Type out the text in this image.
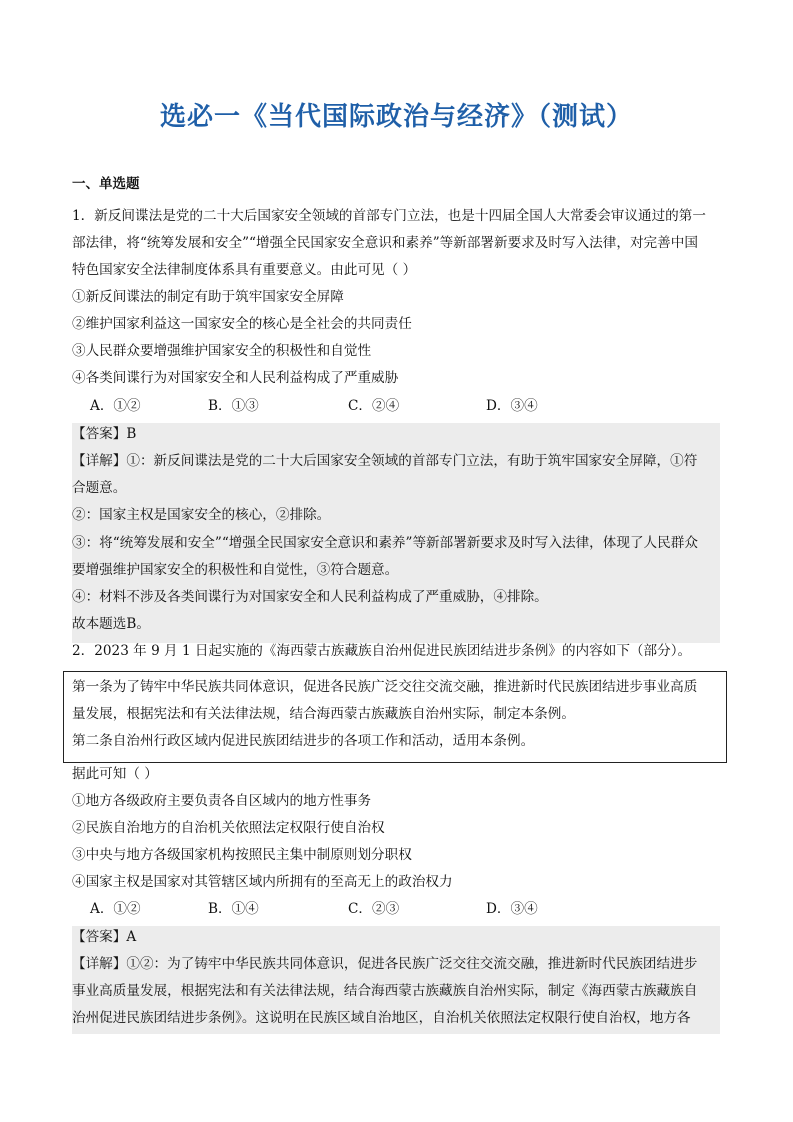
选必一《当代国际政治与经济》（测试）
一、单选题
1．新反间谍法是党的二十大后国家安全领域的首部专门立法，也是十四届全国人大常委会审议通过的第一
部法律，将“统筹发展和安全”“增强全民国家安全意识和素养”等新部署新要求及时写入法律，对完善中国
特色国家安全法律制度体系具有重要意义。由此可见（ ）
①新反间谍法的制定有助于筑牢国家安全屏障
②维护国家利益这一国家安全的核心是全社会的共同责任
③人民群众要增强维护国家安全的积极性和自觉性
④各类间谍行为对国家安全和人民利益构成了严重威胁
A．①②	B．①③	C．②④	D．③④
【答案】B
【详解】①：新反间谍法是党的二十大后国家安全领域的首部专门立法，有助于筑牢国家安全屏障，①符
合题意。
②：国家主权是国家安全的核心，②排除。
③：将“统筹发展和安全”“增强全民国家安全意识和素养”等新部署新要求及时写入法律，体现了人民群众
要增强维护国家安全的积极性和自觉性，③符合题意。
④：材料不涉及各类间谍行为对国家安全和人民利益构成了严重威胁，④排除。
故本题选B。
2．2023 年 9 月 1 日起实施的《海西蒙古族藏族自治州促进民族团结进步条例》的内容如下（部分）。
第一条为了铸牢中华民族共同体意识，促进各民族广泛交往交流交融，推进新时代民族团结进步事业高质
量发展，根据宪法和有关法律法规，结合海西蒙古族藏族自治州实际，制定本条例。
第二条自治州行政区域内促进民族团结进步的各项工作和活动，适用本条例。
据此可知（ ）
①地方各级政府主要负责各自区域内的地方性事务
②民族自治地方的自治机关依照法定权限行使自治权
③中央与地方各级国家机构按照民主集中制原则划分职权
④国家主权是国家对其管辖区域内所拥有的至高无上的政治权力
A．①②	B．①④	C．②③	D．③④
【答案】A
【详解】①②：为了铸牢中华民族共同体意识，促进各民族广泛交往交流交融，推进新时代民族团结进步
事业高质量发展，根据宪法和有关法律法规，结合海西蒙古族藏族自治州实际，制定《海西蒙古族藏族自
治州促进民族团结进步条例》。这说明在民族区域自治地区，自治机关依照法定权限行使自治权，地方各
